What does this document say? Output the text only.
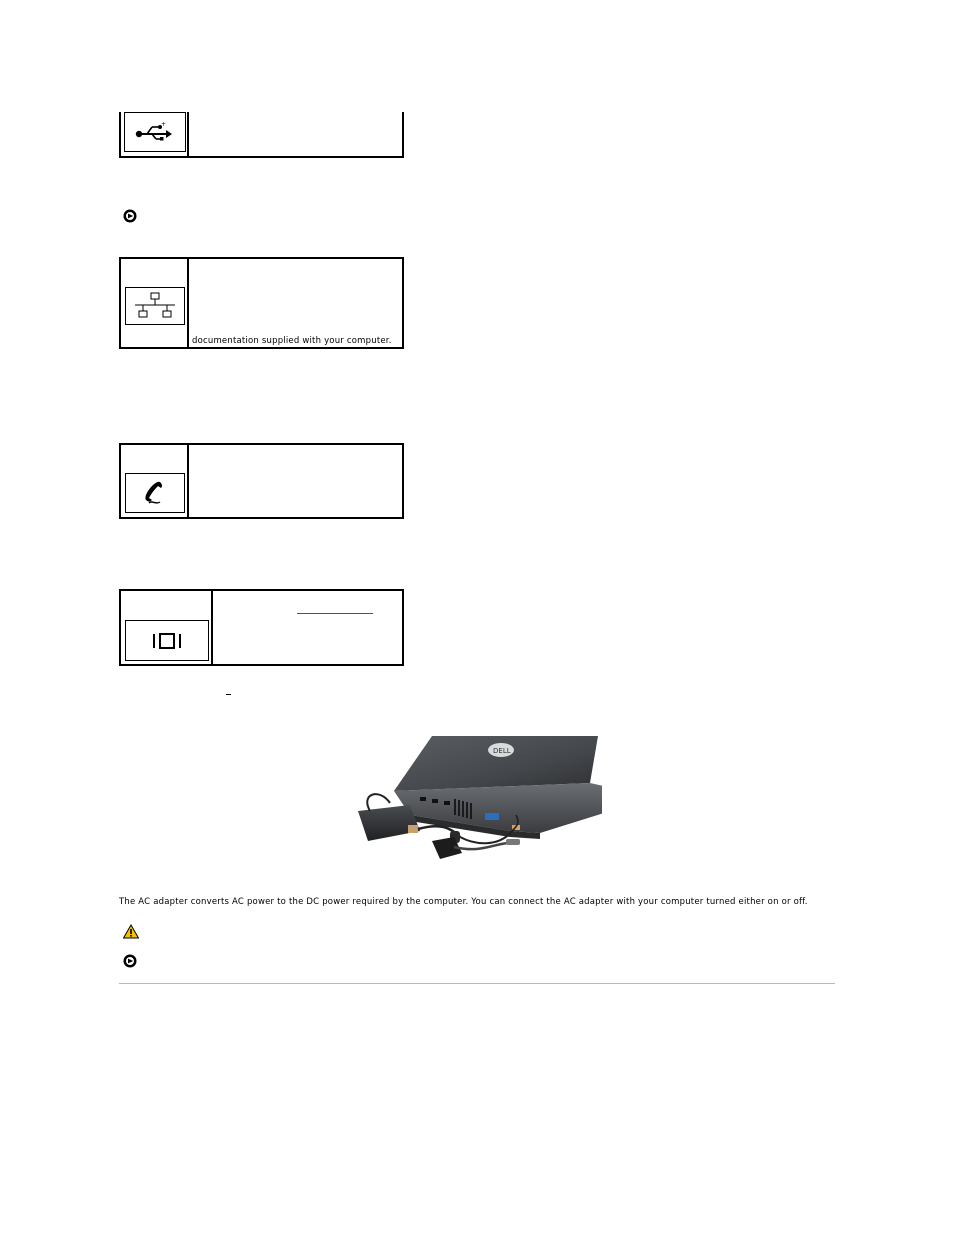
+
documentation supplied with your computer.
DELL
The AC adapter converts AC power to the DC power required by the computer. You can connect the AC adapter with your computer turned either on or off.
